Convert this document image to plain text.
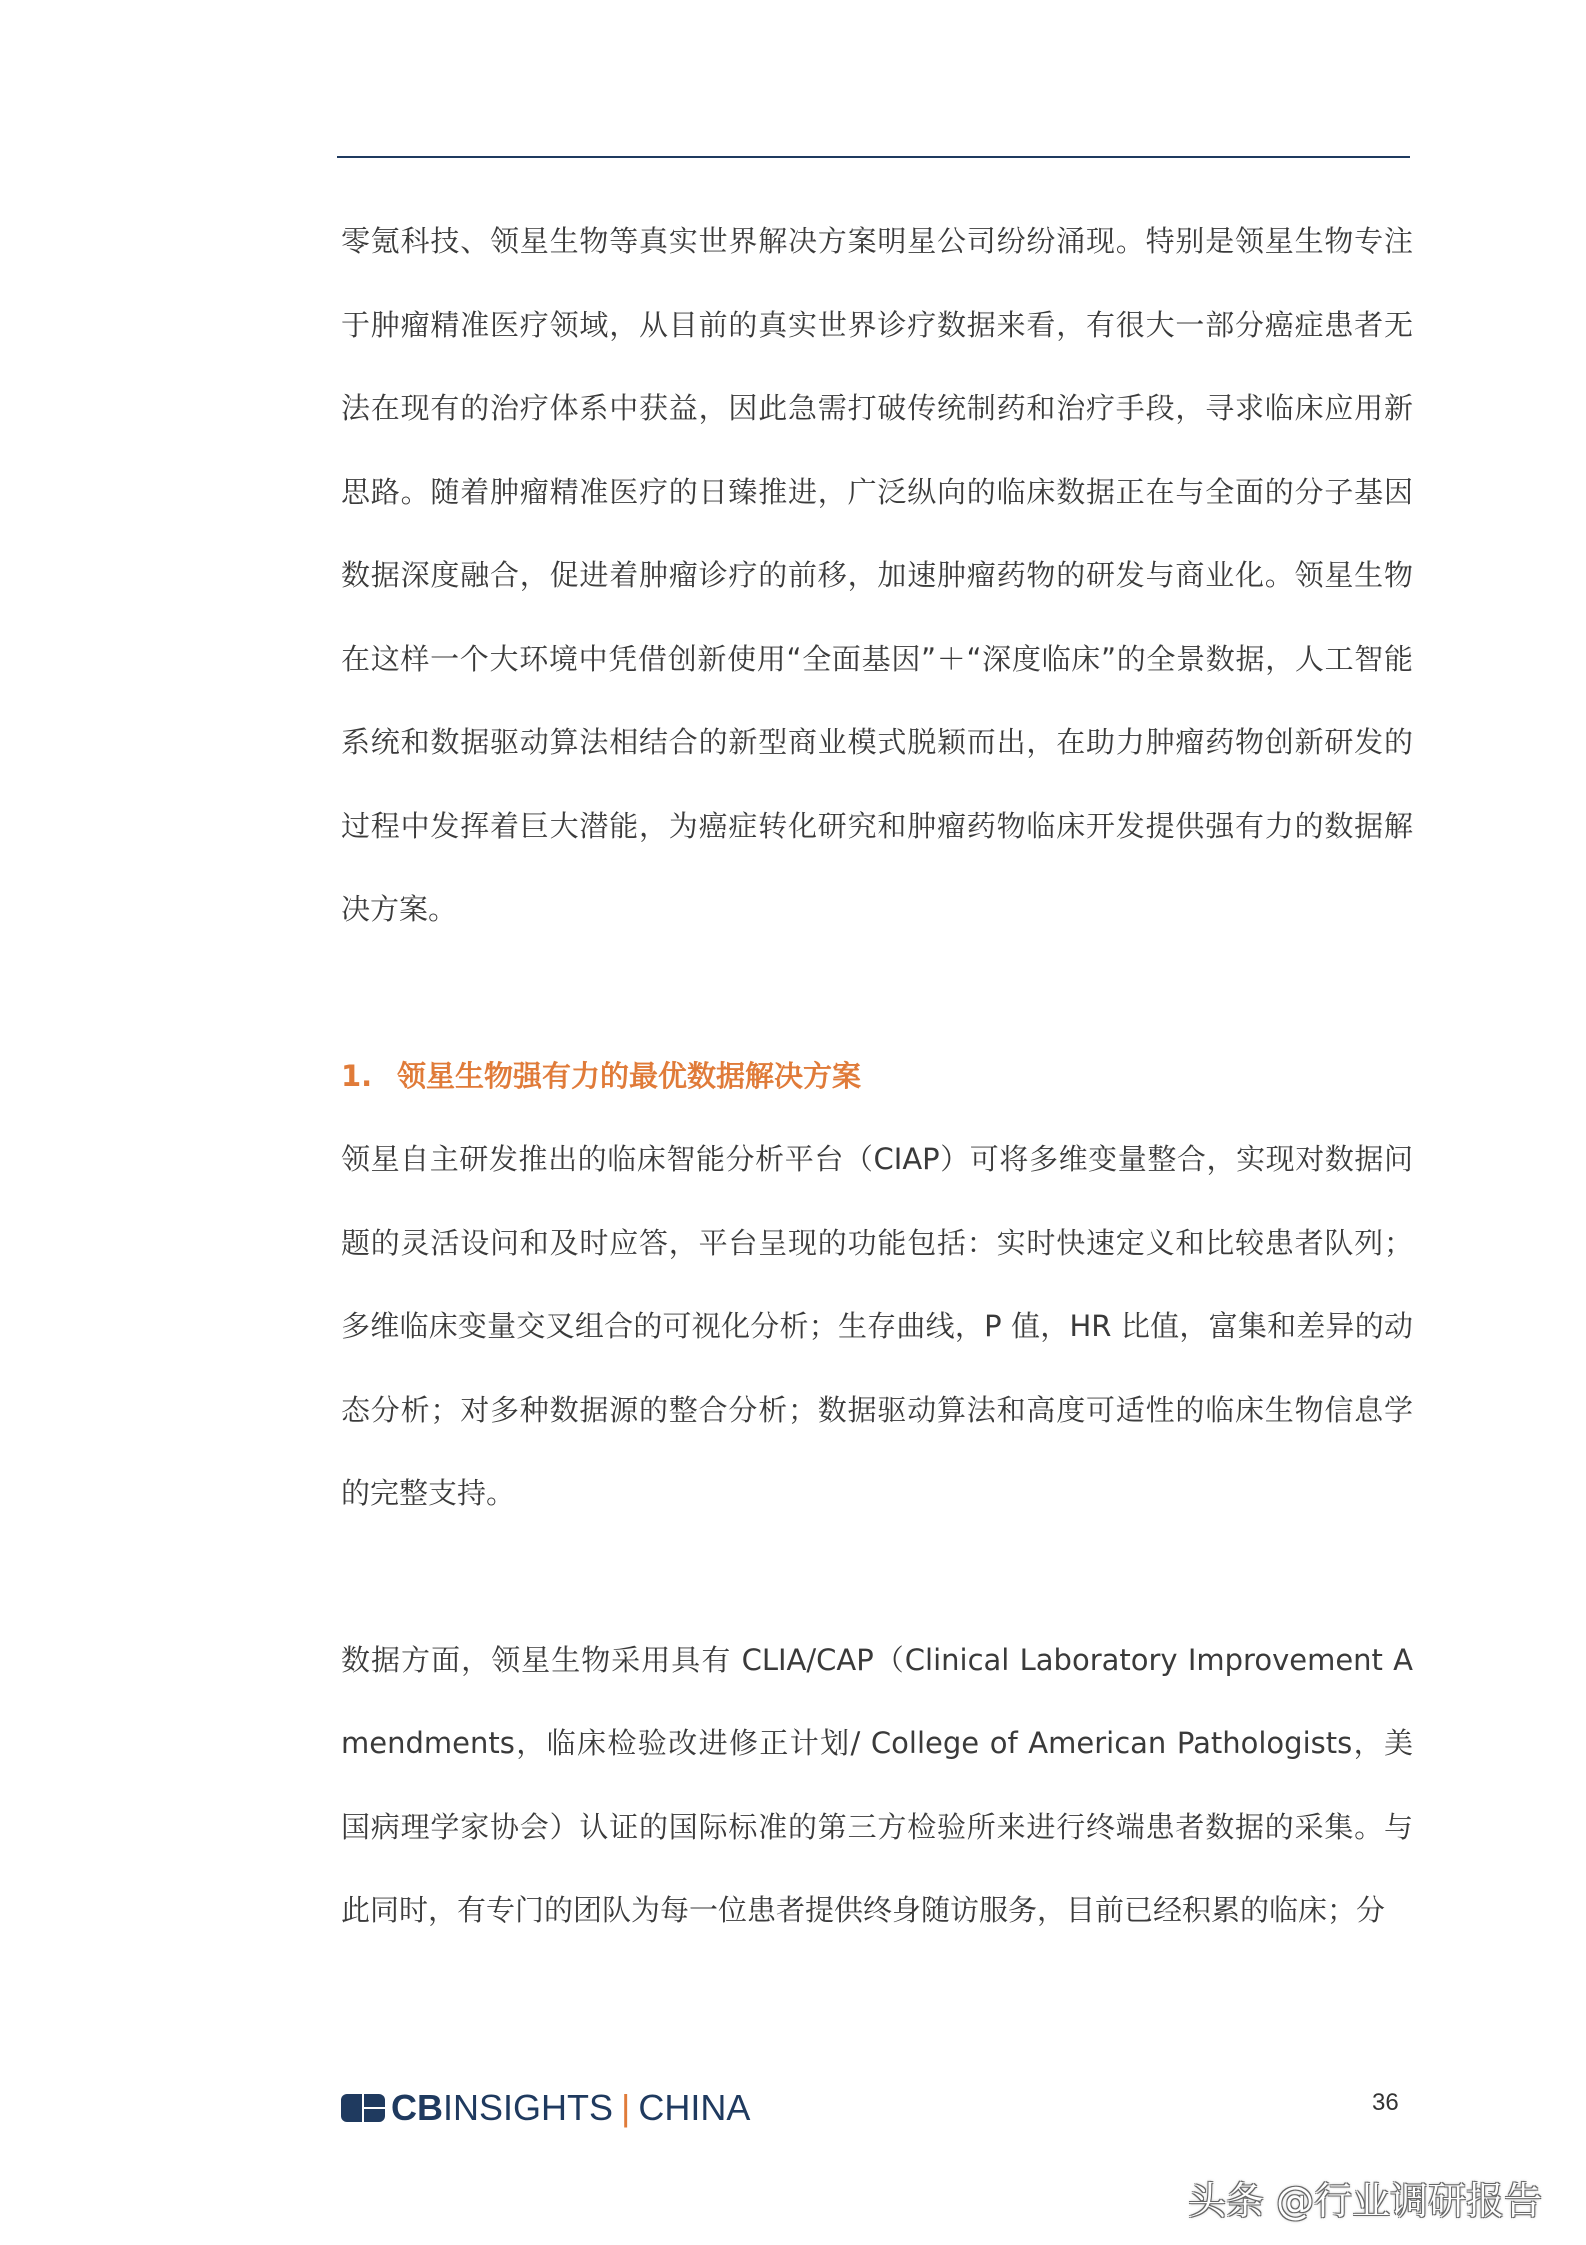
零氪科技、领星生物等真实世界解决方案明星公司纷纷涌现。特别是领星生物专注于肿瘤精准医疗领域，从目前的真实世界诊疗数据来看，有很大一部分癌症患者无法在现有的治疗体系中获益，因此急需打破传统制药和治疗手段，寻求临床应用新思路。随着肿瘤精准医疗的日臻推进，广泛纵向的临床数据正在与全面的分子基因数据深度融合，促进着肿瘤诊疗的前移，加速肿瘤药物的研发与商业化。领星生物在这样一个大环境中凭借创新使用“全面基因”＋“深度临床”的全景数据，人工智能系统和数据驱动算法相结合的新型商业模式脱颖而出，在助力肿瘤药物创新研发的过程中发挥着巨大潜能，为癌症转化研究和肿瘤药物临床开发提供强有力的数据解决方案。

1. 领星生物强有力的最优数据解决方案

领星自主研发推出的临床智能分析平台（CIAP）可将多维变量整合，实现对数据问题的灵活设问和及时应答，平台呈现的功能包括：实时快速定义和比较患者队列；多维临床变量交叉组合的可视化分析；生存曲线，P 值，HR 比值，富集和差异的动态分析；对多种数据源的整合分析；数据驱动算法和高度可适性的临床生物信息学的完整支持。

数据方面，领星生物采用具有 CLIA/CAP（Clinical Laboratory Improvement Amendments，临床检验改进修正计划/ College of American Pathologists，美国病理学家协会）认证的国际标准的第三方检验所来进行终端患者数据的采集。与此同时，有专门的团队为每一位患者提供终身随访服务，目前已经积累的临床；分

CBINSIGHTS | CHINA	36
头条 @行业调研报告
